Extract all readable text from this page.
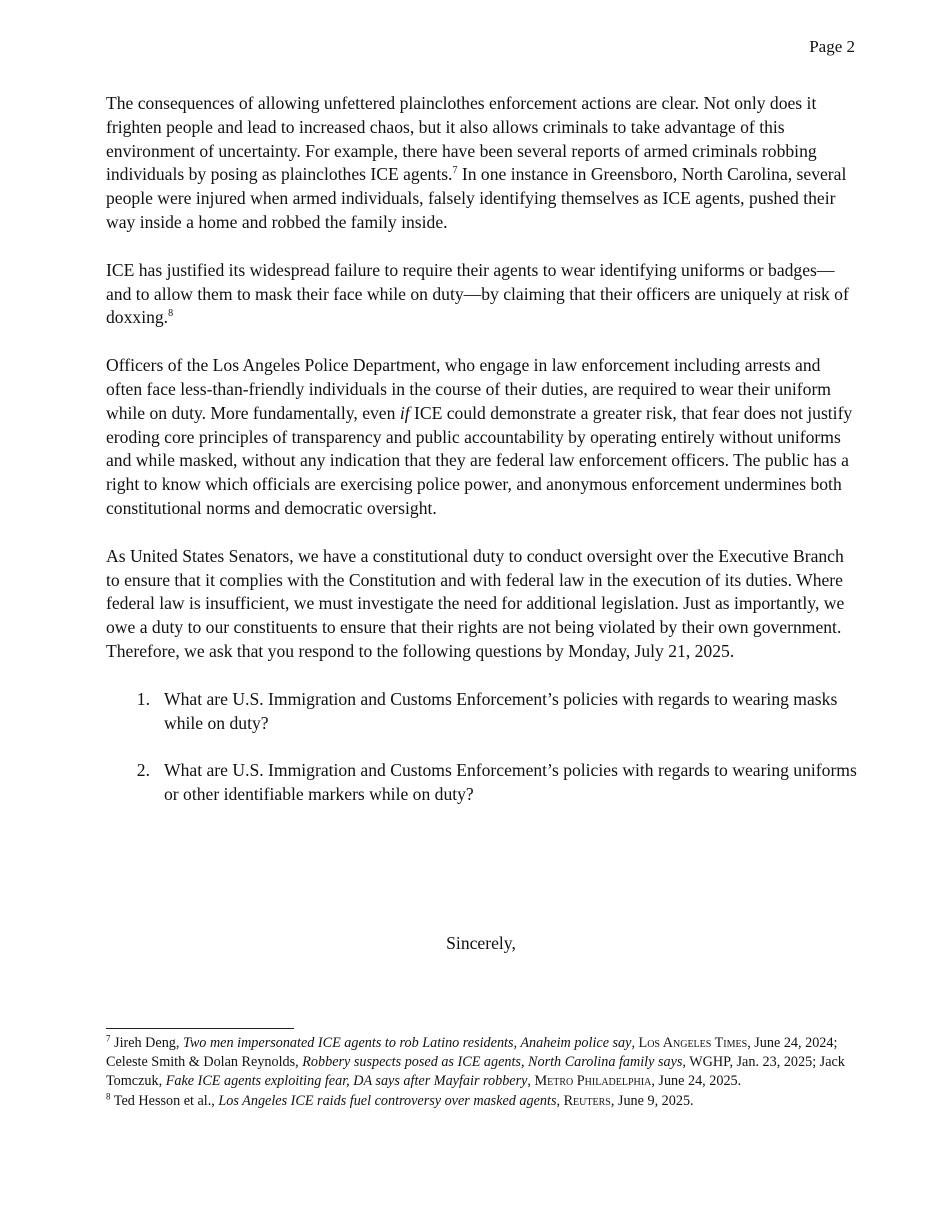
Page 2

The consequences of allowing unfettered plainclothes enforcement actions are clear. Not only does it frighten people and lead to increased chaos, but it also allows criminals to take advantage of this environment of uncertainty. For example, there have been several reports of armed criminals robbing individuals by posing as plainclothes ICE agents.$^7$ In one instance in Greensboro, North Carolina, several people were injured when armed individuals, falsely identifying themselves as ICE agents, pushed their way inside a home and robbed the family inside.

ICE has justified its widespread failure to require their agents to wear identifying uniforms or badges—and to allow them to mask their face while on duty—by claiming that their officers are uniquely at risk of doxxing.$^8$

Officers of the Los Angeles Police Department, who engage in law enforcement including arrests and often face less-than-friendly individuals in the course of their duties, are required to wear their uniform while on duty. More fundamentally, even if ICE could demonstrate a greater risk, that fear does not justify eroding core principles of transparency and public accountability by operating entirely without uniforms and while masked, without any indication that they are federal law enforcement officers. The public has a right to know which officials are exercising police power, and anonymous enforcement undermines both constitutional norms and democratic oversight.

As United States Senators, we have a constitutional duty to conduct oversight over the Executive Branch to ensure that it complies with the Constitution and with federal law in the execution of its duties. Where federal law is insufficient, we must investigate the need for additional legislation. Just as importantly, we owe a duty to our constituents to ensure that their rights are not being violated by their own government. Therefore, we ask that you respond to the following questions by Monday, July 21, 2025.

1. What are U.S. Immigration and Customs Enforcement’s policies with regards to wearing masks while on duty?
2. What are U.S. Immigration and Customs Enforcement’s policies with regards to wearing uniforms or other identifiable markers while on duty?
Sincerely,

$^7$ Jireh Deng, Two men impersonated ICE agents to rob Latino residents, Anaheim police say, Los Angeles Times, June 24, 2024; Celeste Smith & Dolan Reynolds, Robbery suspects posed as ICE agents, North Carolina family says, WGHP, Jan. 23, 2025; Jack Tomczuk, Fake ICE agents exploiting fear, DA says after Mayfair robbery, Metro Philadelphia, June 24, 2025.

$^8$ Ted Hesson et al., Los Angeles ICE raids fuel controversy over masked agents, Reuters, June 9, 2025.
